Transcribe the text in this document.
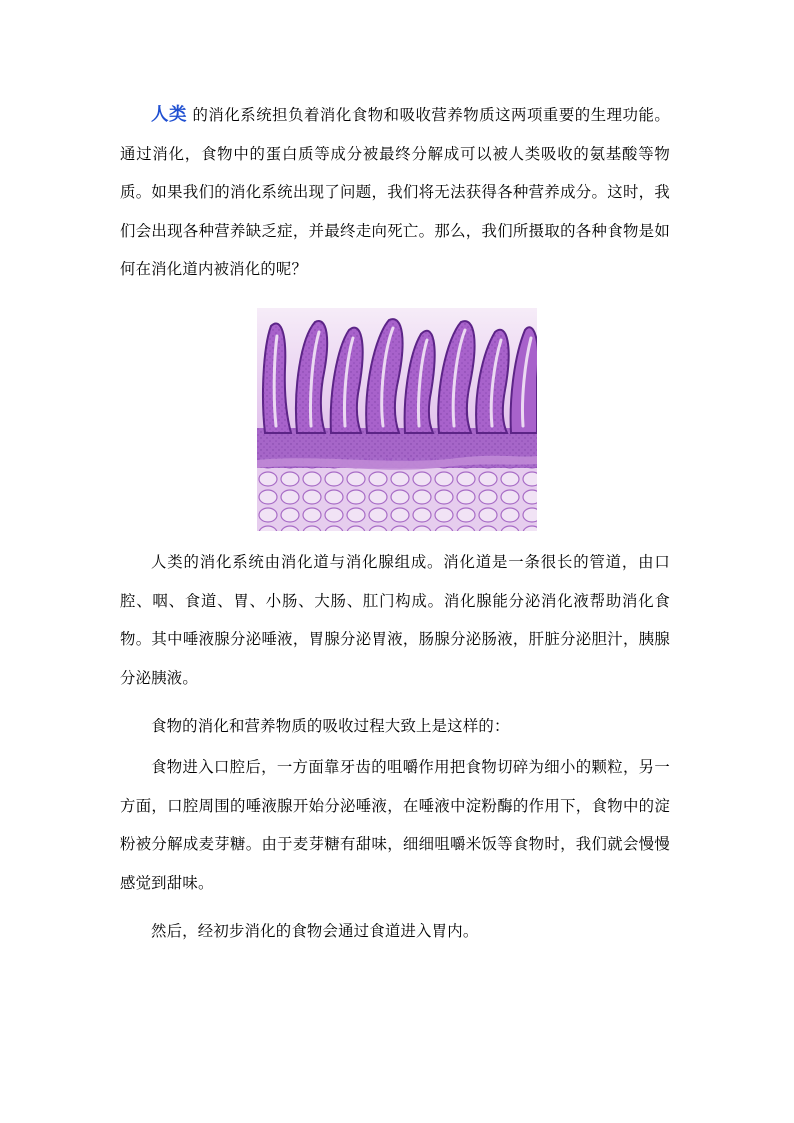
人类 的消化系统担负着消化食物和吸收营养物质这两项重要的生理功能。通过消化，食物中的蛋白质等成分被最终分解成可以被人类吸收的氨基酸等物质。如果我们的消化系统出现了问题，我们将无法获得各种营养成分。这时，我们会出现各种营养缺乏症，并最终走向死亡。那么，我们所摄取的各种食物是如何在消化道内被消化的呢？

人类的消化系统由消化道与消化腺组成。消化道是一条很长的管道，由口腔、咽、食道、胃、小肠、大肠、肛门构成。消化腺能分泌消化液帮助消化食物。其中唾液腺分泌唾液，胃腺分泌胃液，肠腺分泌肠液，肝脏分泌胆汁，胰腺分泌胰液。

食物的消化和营养物质的吸收过程大致上是这样的：

食物进入口腔后，一方面靠牙齿的咀嚼作用把食物切碎为细小的颗粒，另一方面，口腔周围的唾液腺开始分泌唾液，在唾液中淀粉酶的作用下，食物中的淀粉被分解成麦芽糖。由于麦芽糖有甜味，细细咀嚼米饭等食物时，我们就会慢慢感觉到甜味。

然后，经初步消化的食物会通过食道进入胃内。
